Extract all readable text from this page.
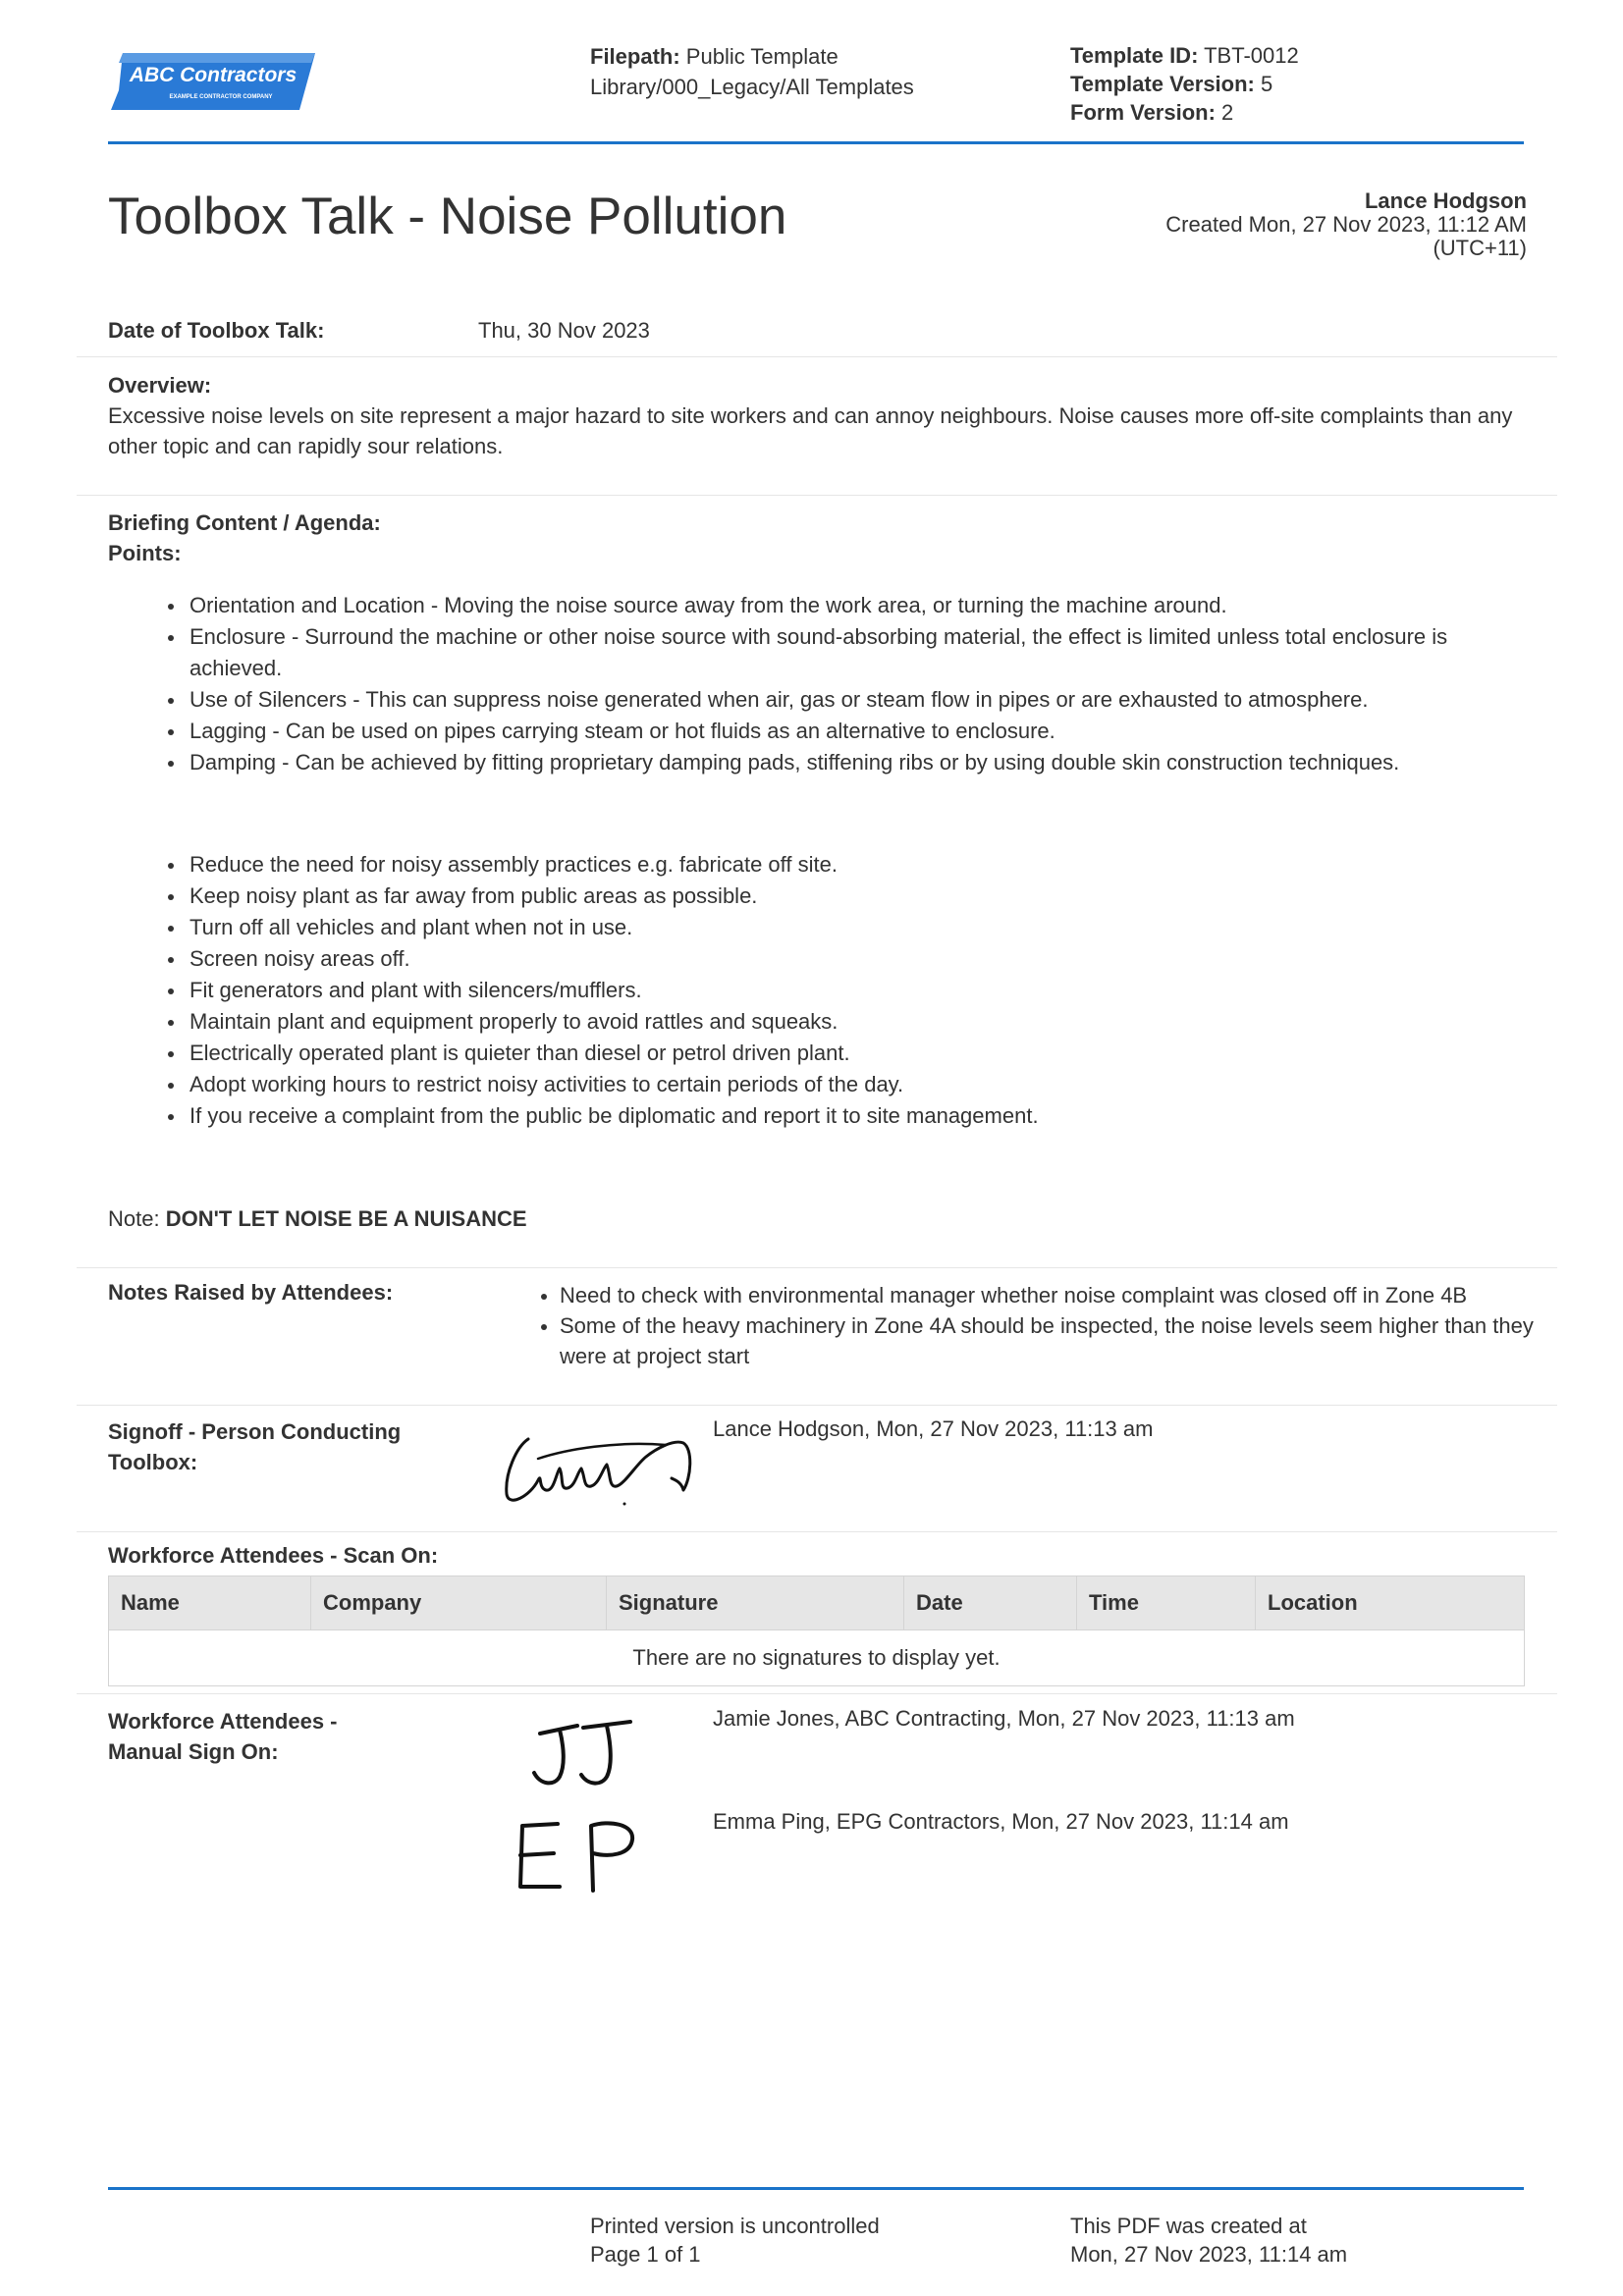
ABC Contractors
EXAMPLE CONTRACTOR COMPANY
Filepath: Public Template Library/000_Legacy/All Templates
Template ID: TBT-0012
Template Version: 5
Form Version: 2
Toolbox Talk - Noise Pollution	Lance Hodgson
Created Mon, 27 Nov 2023, 11:12 AM
(UTC+11)
Date of Toolbox Talk:	Thu, 30 Nov 2023
Overview:
Excessive noise levels on site represent a major hazard to site workers and can annoy neighbours. Noise causes more off-site complaints than any other topic and can rapidly sour relations.
Briefing Content / Agenda:
Points:
Orientation and Location - Moving the noise source away from the work area, or turning the machine around.
Enclosure - Surround the machine or other noise source with sound-absorbing material, the effect is limited unless total enclosure is achieved.
Use of Silencers - This can suppress noise generated when air, gas or steam flow in pipes or are exhausted to atmosphere.
Lagging - Can be used on pipes carrying steam or hot fluids as an alternative to enclosure.
Damping - Can be achieved by fitting proprietary damping pads, stiffening ribs or by using double skin construction techniques.
Reduce the need for noisy assembly practices e.g. fabricate off site.
Keep noisy plant as far away from public areas as possible.
Turn off all vehicles and plant when not in use.
Screen noisy areas off.
Fit generators and plant with silencers/mufflers.
Maintain plant and equipment properly to avoid rattles and squeaks.
Electrically operated plant is quieter than diesel or petrol driven plant.
Adopt working hours to restrict noisy activities to certain periods of the day.
If you receive a complaint from the public be diplomatic and report it to site management.
Note: DON'T LET NOISE BE A NUISANCE
Notes Raised by Attendees:	Need to check with environmental manager whether noise complaint was closed off in Zone 4B
Some of the heavy machinery in Zone 4A should be inspected, the noise levels seem higher than they were at project start
Signoff - Person Conducting Toolbox:
Lance Hodgson, Mon, 27 Nov 2023, 11:13 am
Workforce Attendees - Scan On:
Name	Company	Signature	Date	Time	Location
There are no signatures to display yet.
Workforce Attendees - Manual Sign On:
Jamie Jones, ABC Contracting, Mon, 27 Nov 2023, 11:13 am
Emma Ping, EPG Contractors, Mon, 27 Nov 2023, 11:14 am
Printed version is uncontrolled
Page 1 of 1
This PDF was created at
Mon, 27 Nov 2023, 11:14 am
